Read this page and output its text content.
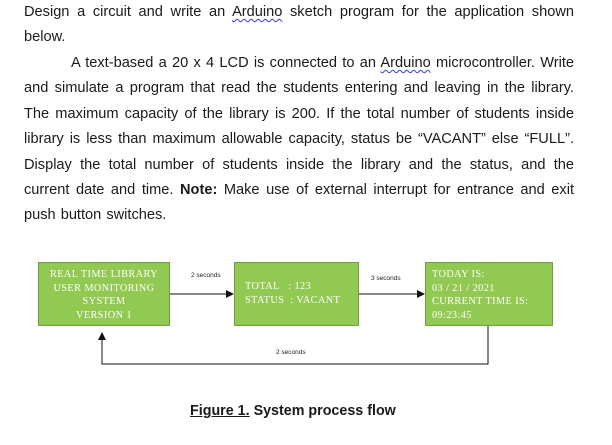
Design a circuit and write an Arduino sketch program for the application shown below.

A text-based a 20 x 4 LCD is connected to an Arduino microcontroller. Write and simulate a program that read the students entering and leaving in the library. The maximum capacity of the library is 200. If the total number of students inside library is less than maximum allowable capacity, status be “VACANT” else “FULL”. Display the total number of students inside the library and the status, and the current date and time. Note: Make use of external interrupt for entrance and exit push button switches.

REAL TIME LIBRARY
USER MONITORING
SYSTEM
VERSION 1
TOTAL   : 123
STATUS  : VACANT
TODAY IS:
03 / 21 / 2021
CURRENT TIME IS:
09:23:45
2 seconds	3 seconds
2 seconds
Figure 1. System process flow
